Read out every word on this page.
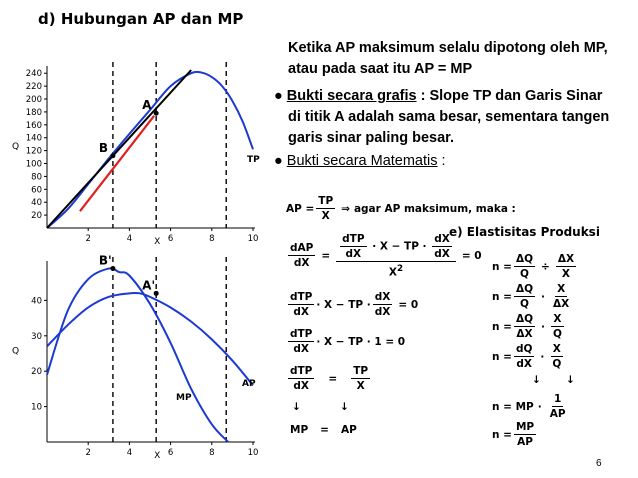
d) Hubungan AP dan MP
20
40
60
80
100
120
140
160
180
200
220
240
2	4	6	8	10
Q
X
A
B
TP
10
20
30
40
2	4	6	8	10
Q
X
B'
A'
AP
MP
Ketika AP maksimum selalu dipotong oleh MP,
atau pada saat itu AP = MP
● Bukti secara grafis : Slope TP dan Garis Sinar
di titik A adalah sama besar, sementara tangen
garis sinar paling besar.
● Bukti secara Matematis :
AP = $\frac{TP}{X}$ ⇒ agar AP maksimum, maka :
$\frac{\text{dAP}}{dX} = \frac{\frac{\text{dTP}}{dX} \cdot X - TP \cdot \frac{dX}{dX}}{X^2} = 0$
$\frac{\text{dTP}}{dX} \cdot X$ − TP · $\frac{dX}{dX} = 0$
$\frac{\text{dTP}}{dX} \cdot X$ − TP · 1 = 0
$\frac{\text{dTP}}{dX} = \frac{TP}{X}$
↓	↓
MP = AP
e) Elastisitas Produksi
$n = \frac{\Delta Q}{Q} \div \frac{\Delta X}{X}$
$n = \frac{\Delta Q}{Q} \cdot \frac{X}{\Delta X}$
$n = \frac{\Delta Q}{\Delta X} \cdot \frac{X}{Q}$
$n = \frac{dQ}{dX} \cdot \frac{X}{Q}$
↓ ↓
n = MP · $\frac{1}{AP}$
$n = \frac{MP}{AP}$
6
